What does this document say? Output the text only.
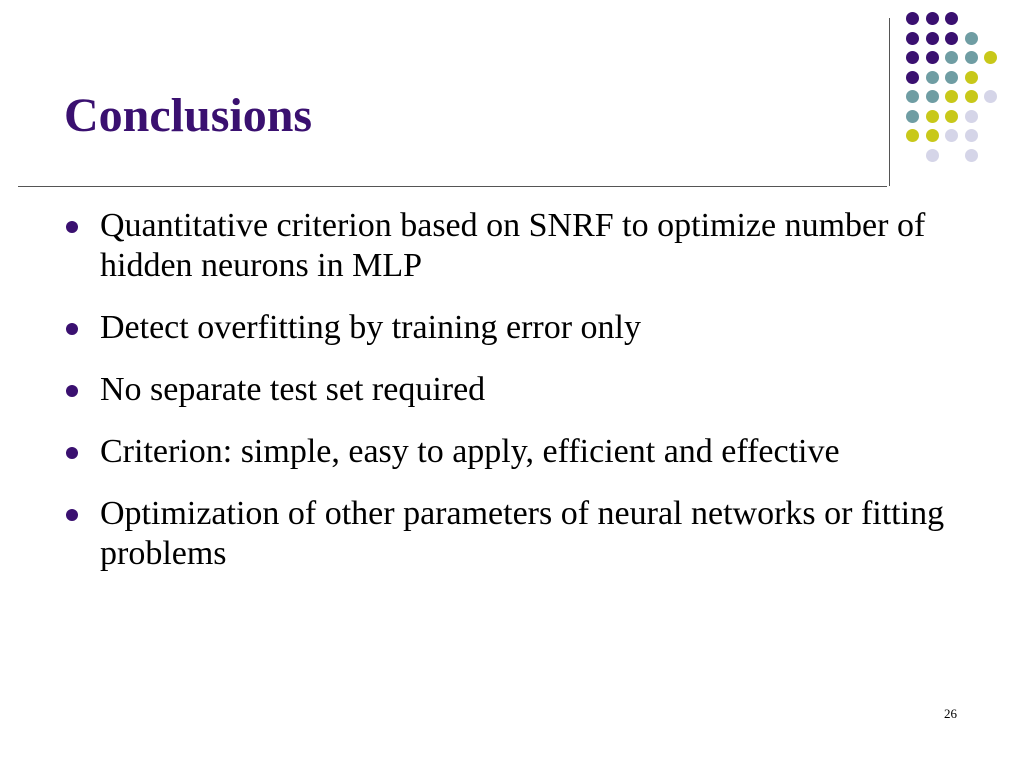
Conclusions
Quantitative criterion based on SNRF to optimize number of hidden neurons in MLP
Detect overfitting by training error only
No separate test set required
Criterion: simple, easy to apply, efficient and effective
Optimization of other parameters of neural networks or fitting problems
26
